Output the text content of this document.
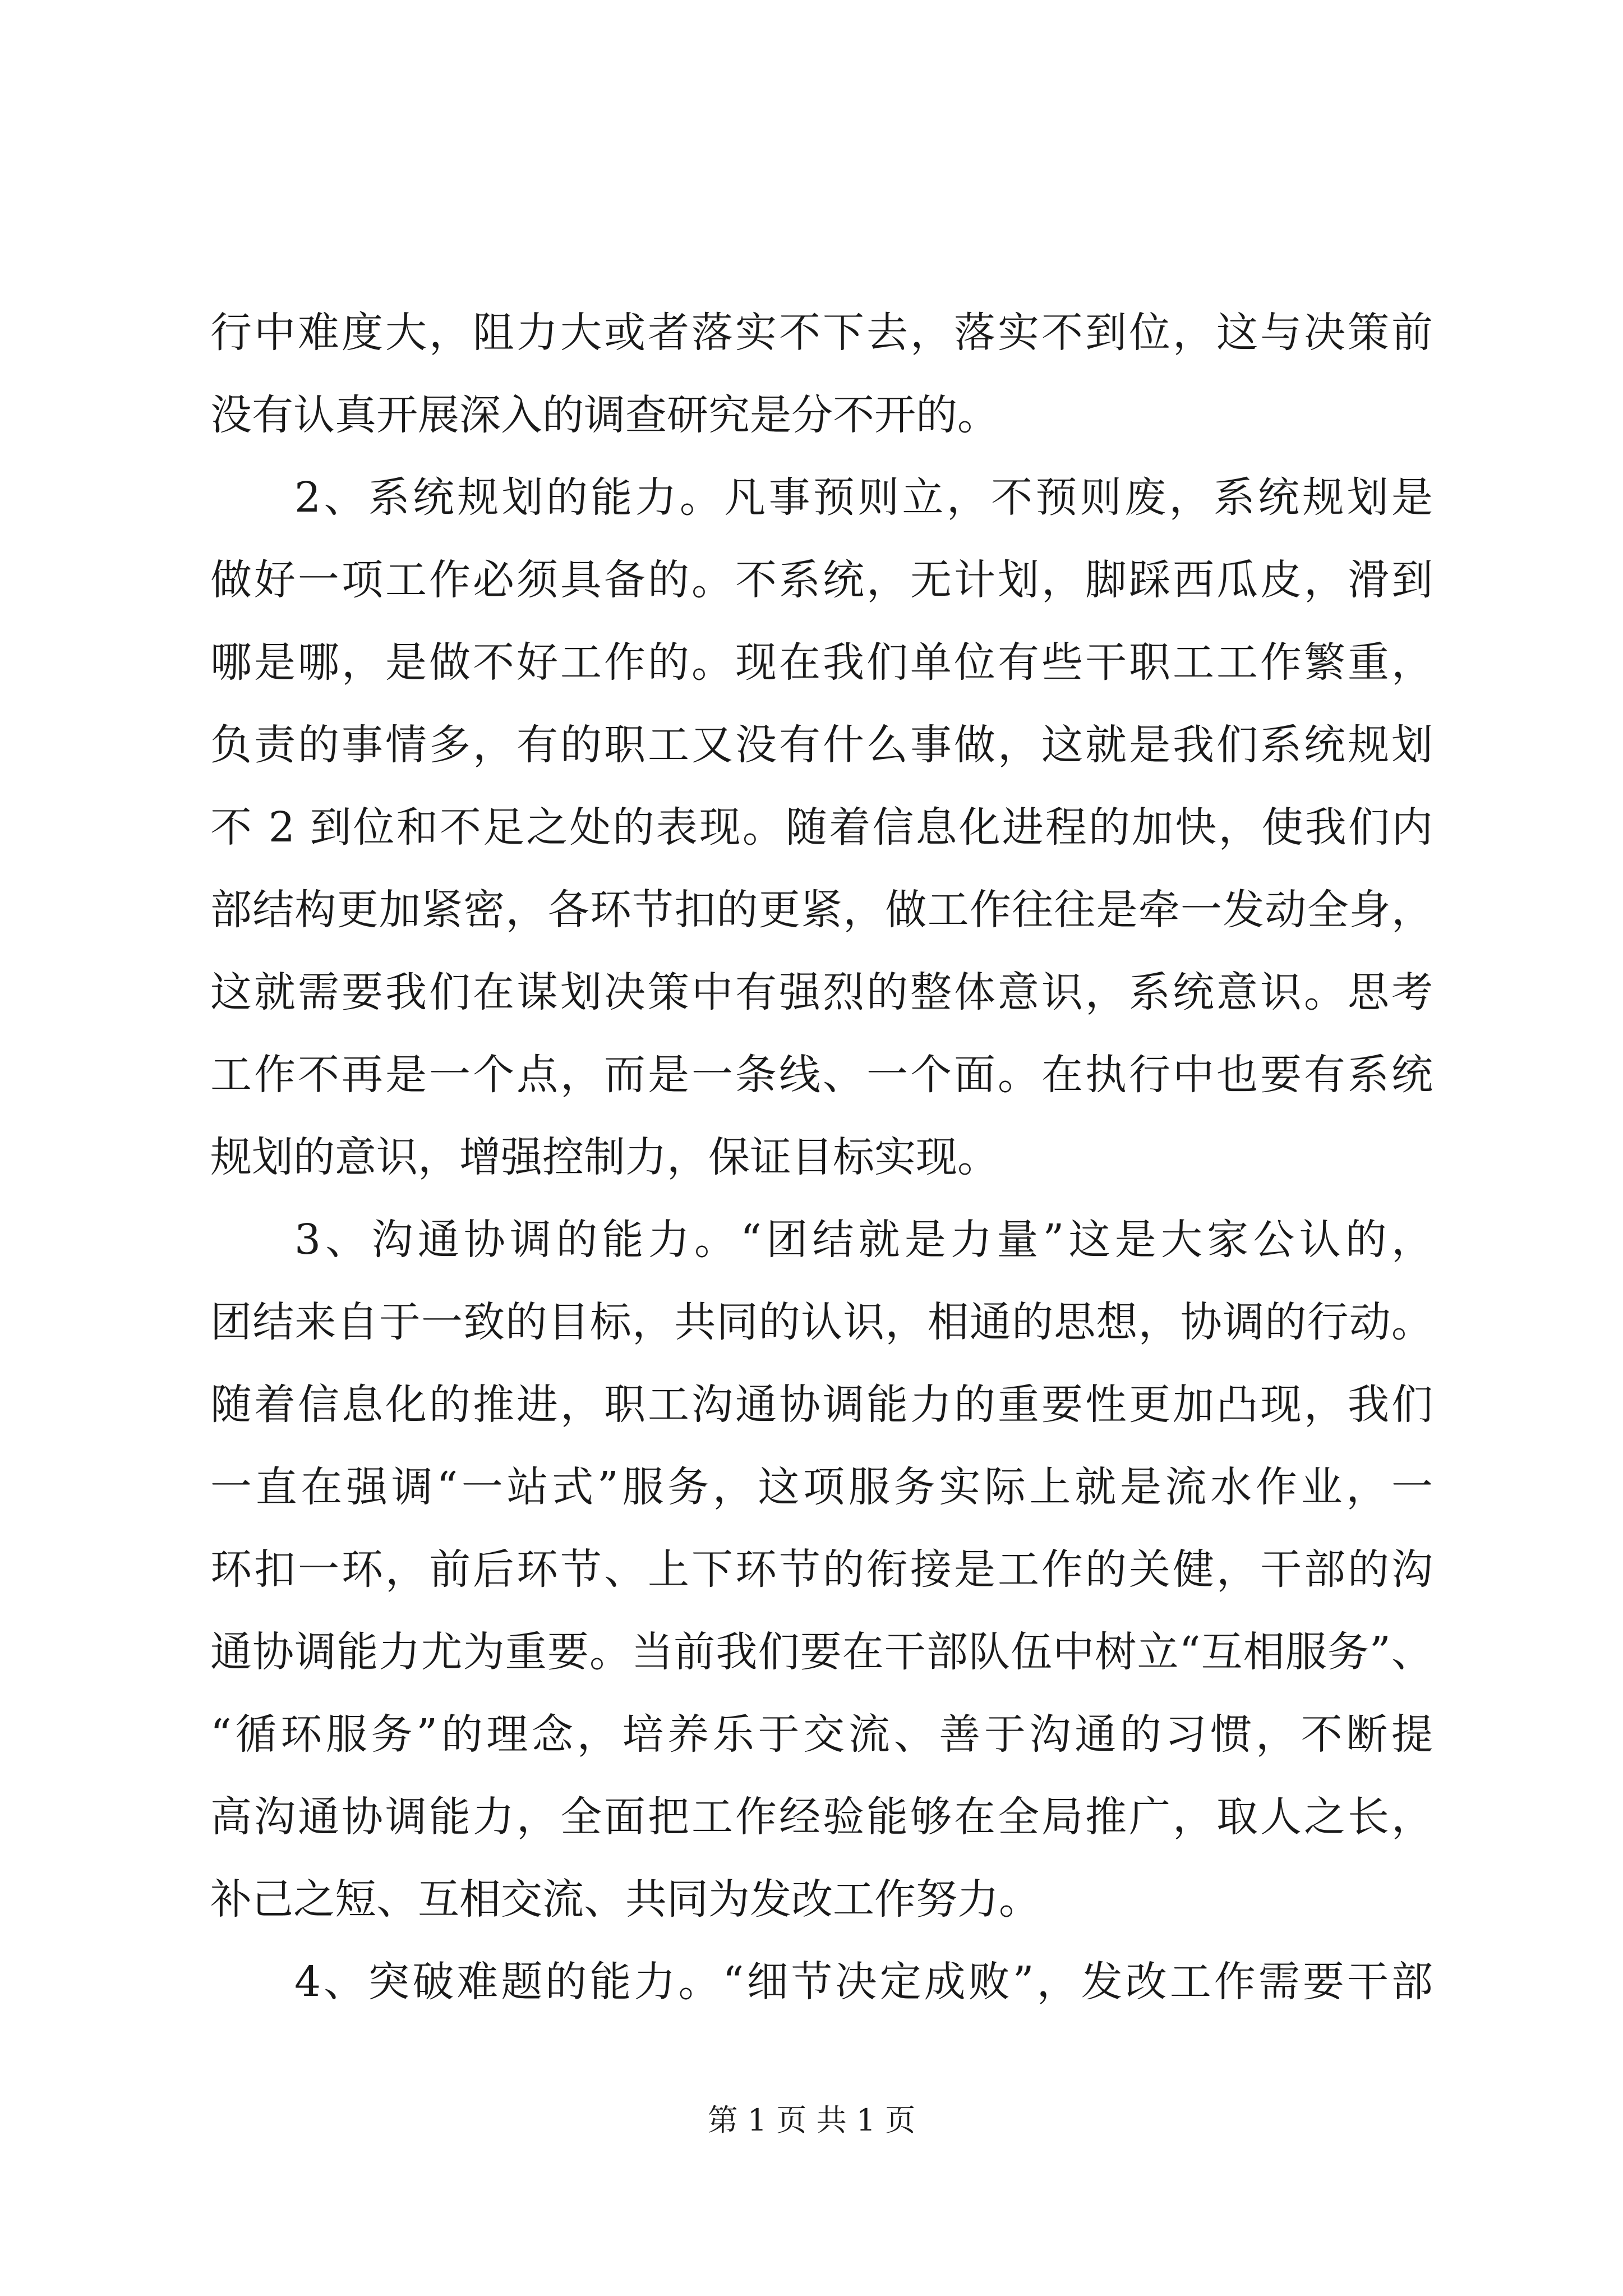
行中难度大，阻力大或者落实不下去，落实不到位，这与决策前
没有认真开展深入的调查研究是分不开的。
2、系统规划的能力。凡事预则立，不预则废，系统规划是
做好一项工作必须具备的。不系统，无计划，脚踩西瓜皮，滑到
哪是哪，是做不好工作的。现在我们单位有些干职工工作繁重，
负责的事情多，有的职工又没有什么事做，这就是我们系统规划
不 2 到位和不足之处的表现。随着信息化进程的加快，使我们内
部结构更加紧密，各环节扣的更紧，做工作往往是牵一发动全身，
这就需要我们在谋划决策中有强烈的整体意识，系统意识。思考
工作不再是一个点，而是一条线、一个面。在执行中也要有系统
规划的意识，增强控制力，保证目标实现。
3、沟通协调的能力。“团结就是力量”这是大家公认的，
团结来自于一致的目标，共同的认识，相通的思想，协调的行动。
随着信息化的推进，职工沟通协调能力的重要性更加凸现，我们
一直在强调“一站式”服务，这项服务实际上就是流水作业，一
环扣一环，前后环节、上下环节的衔接是工作的关健，干部的沟
通协调能力尤为重要。当前我们要在干部队伍中树立“互相服务”、
“循环服务”的理念，培养乐于交流、善于沟通的习惯，不断提
高沟通协调能力，全面把工作经验能够在全局推广，取人之长，
补己之短、互相交流、共同为发改工作努力。
4、突破难题的能力。“细节决定成败”，发改工作需要干部
第 1 页 共 1 页
